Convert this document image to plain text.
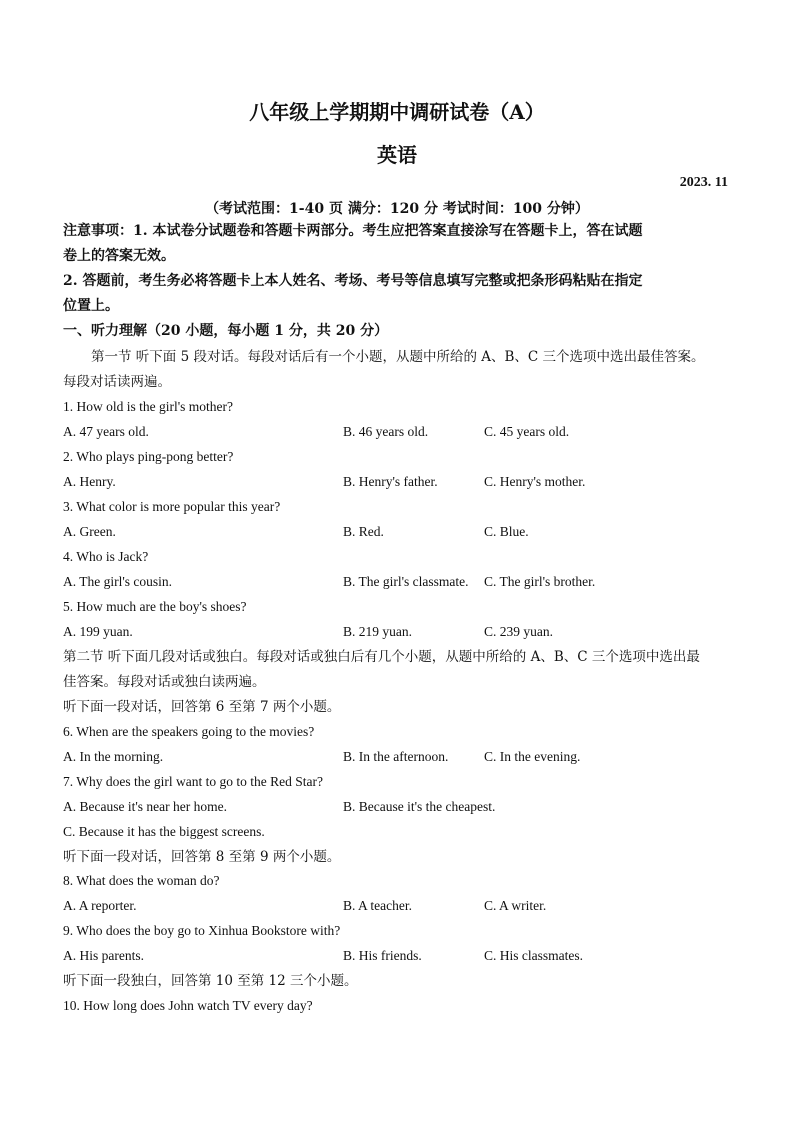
八年级上学期期中调研试卷（A）
英语
2023. 11
（考试范围：1-40 页 满分：120 分 考试时间：100 分钟）
注意事项：1. 本试卷分试题卷和答题卡两部分。考生应把答案直接涂写在答题卡上，答在试题
卷上的答案无效。
2. 答题前，考生务必将答题卡上本人姓名、考场、考号等信息填写完整或把条形码粘贴在指定
位置上。
一、听力理解（20 小题，每小题 1 分，共 20 分）
第一节 听下面 5 段对话。每段对话后有一个小题，从题中所给的 A、B、C 三个选项中选出最佳答案。
每段对话读两遍。
1. How old is the girl's mother?
A. 47 years old.	B. 46 years old.	C. 45 years old.
2. Who plays ping-pong better?
A. Henry.	B. Henry's father.	C. Henry's mother.
3. What color is more popular this year?
A. Green.	B. Red.	C. Blue.
4. Who is Jack?
A. The girl's cousin.	B. The girl's classmate. C. The girl's brother.
5. How much are the boy's shoes?
A. 199 yuan.	B. 219 yuan.	C. 239 yuan.
第二节 听下面几段对话或独白。每段对话或独白后有几个小题，从题中所给的 A、B、C 三个选项中选出最
佳答案。每段对话或独白读两遍。
听下面一段对话，回答第 6 至第 7 两个小题。
6. When are the speakers going to the movies?
A. In the morning.	B. In the afternoon.	C. In the evening.
7. Why does the girl want to go to the Red Star?
A. Because it's near her home.	B. Because it's the cheapest.
C. Because it has the biggest screens.
听下面一段对话，回答第 8 至第 9 两个小题。
8. What does the woman do?
A. A reporter.	B. A teacher.	C. A writer.
9. Who does the boy go to Xinhua Bookstore with?
A. His parents.	B. His friends.	C. His classmates.
听下面一段独白，回答第 10 至第 12 三个小题。
10. How long does John watch TV every day?
